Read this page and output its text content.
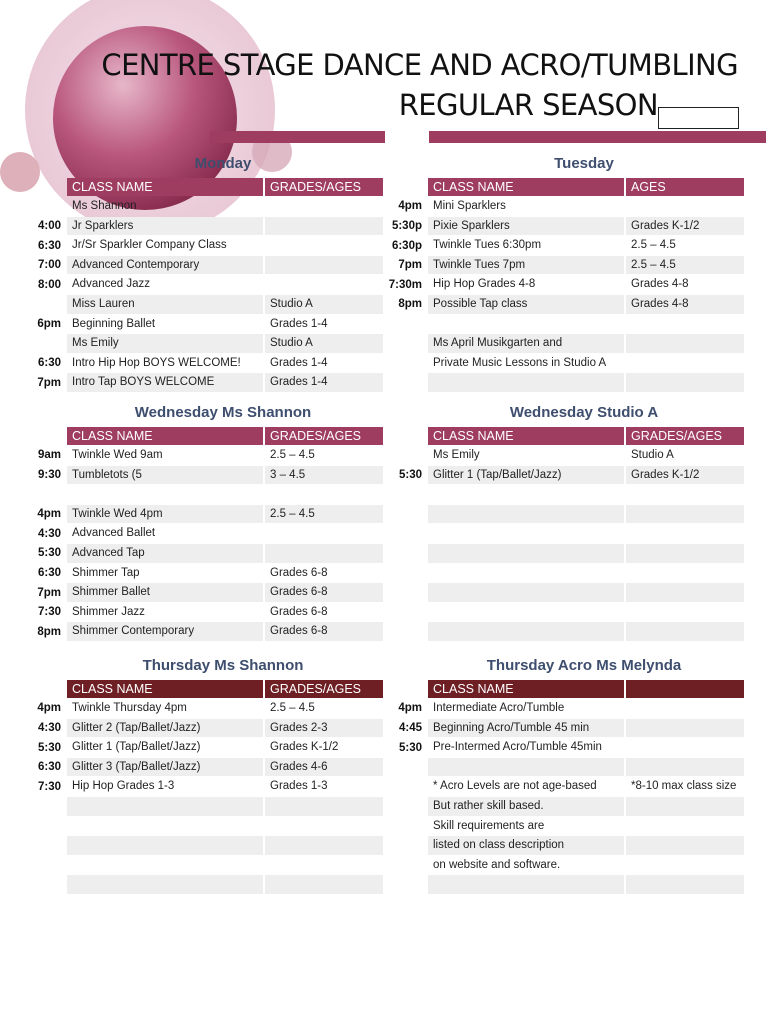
CENTRE STAGE DANCE AND ACRO/TUMBLING
REGULAR SEASON
Monday
CLASS NAME	GRADES/AGES
Ms Shannon
4:00 Jr Sparklers
6:30 Jr/Sr Sparkler Company Class
7:00 Advanced Contemporary
8:00 Advanced Jazz
Miss Lauren	Studio A
6pm Beginning Ballet	Grades 1-4
Ms Emily	Studio A
6:30 Intro Hip Hop BOYS WELCOME!	Grades 1-4
7pm Intro Tap BOYS WELCOME	Grades 1-4
Tuesday
CLASS NAME	AGES
4pm Mini Sparklers
5:30p Pixie Sparklers	Grades K-1/2
6:30p Twinkle Tues 6:30pm	2.5 – 4.5
7pm Twinkle Tues 7pm	2.5 – 4.5
7:30m Hip Hop Grades 4-8	Grades 4-8
8pm Possible Tap class	Grades 4-8
Ms April Musikgarten and
Private Music Lessons in Studio A
Wednesday Ms Shannon
CLASS NAME	GRADES/AGES
9am Twinkle Wed 9am	2.5 – 4.5
9:30 Tumbletots (5	3 – 4.5
4pm Twinkle Wed 4pm	2.5 – 4.5
4:30 Advanced Ballet
5:30 Advanced Tap
6:30 Shimmer Tap	Grades 6-8
7pm Shimmer Ballet	Grades 6-8
7:30 Shimmer Jazz	Grades 6-8
8pm Shimmer Contemporary	Grades 6-8
Wednesday Studio A
CLASS NAME	GRADES/AGES
Ms Emily	Studio A
5:30 Glitter 1 (Tap/Ballet/Jazz)	Grades K-1/2
Thursday Ms Shannon
CLASS NAME	GRADES/AGES
4pm Twinkle Thursday 4pm	2.5 – 4.5
4:30 Glitter 2 (Tap/Ballet/Jazz)	Grades 2-3
5:30 Glitter 1 (Tap/Ballet/Jazz)	Grades K-1/2
6:30 Glitter 3 (Tap/Ballet/Jazz)	Grades 4-6
7:30 Hip Hop Grades 1-3	Grades 1-3
Thursday Acro Ms Melynda
CLASS NAME
4pm Intermediate Acro/Tumble
4:45 Beginning Acro/Tumble 45 min
5:30 Pre-Intermed Acro/Tumble 45min
* Acro Levels are not age-based	*8-10 max class size
But rather skill based.
Skill requirements are
listed on class description
on website and software.
